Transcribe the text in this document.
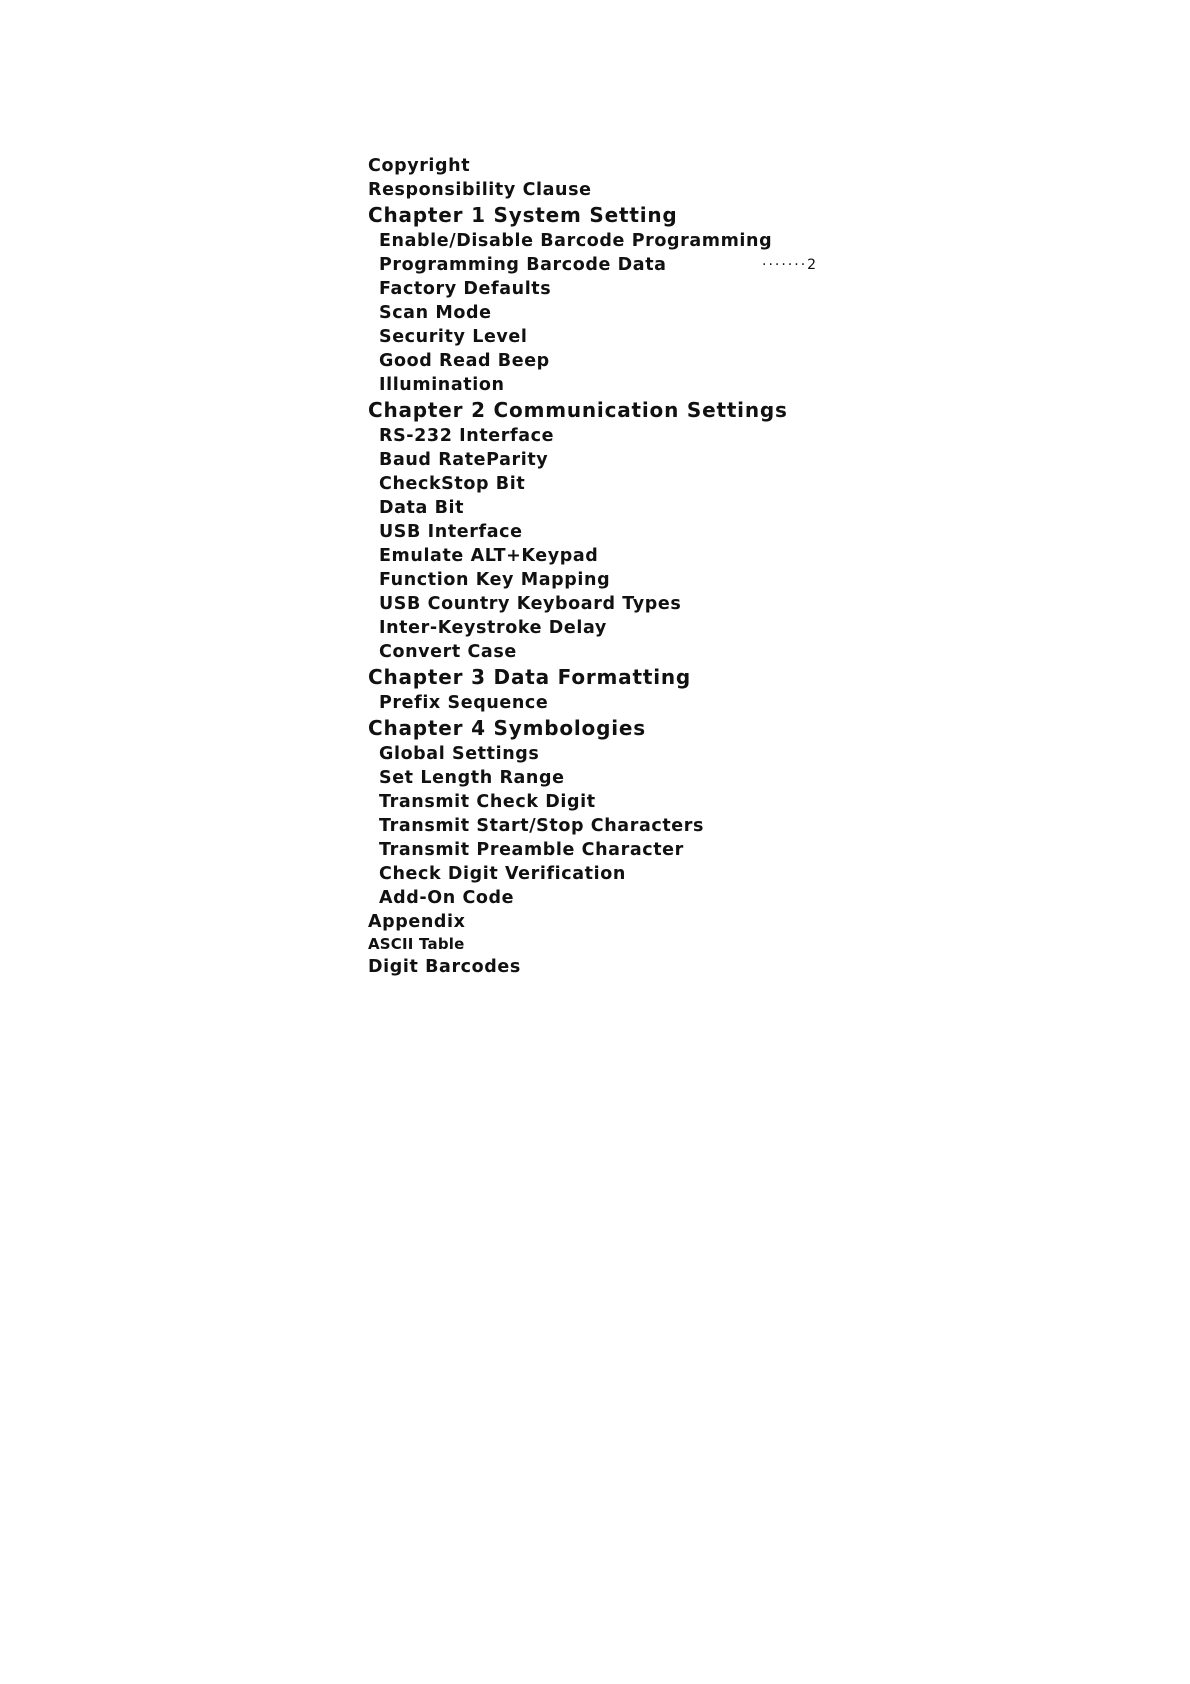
Copyright
Responsibility Clause
Chapter 1 System Setting
Enable/Disable Barcode Programming
Programming Barcode Data	·······2
Factory Defaults
Scan Mode
Security Level
Good Read Beep
Illumination
Chapter 2 Communication Settings
RS-232 Interface
Baud RateParity
CheckStop Bit
Data Bit
USB Interface
Emulate ALT+Keypad
Function Key Mapping
USB Country Keyboard Types
Inter-Keystroke Delay
Convert Case
Chapter 3 Data Formatting
Prefix Sequence
Chapter 4 Symbologies
Global Settings
Set Length Range
Transmit Check Digit
Transmit Start/Stop Characters
Transmit Preamble Character
Check Digit Verification
Add-On Code
Appendix
ASCII Table
Digit Barcodes
